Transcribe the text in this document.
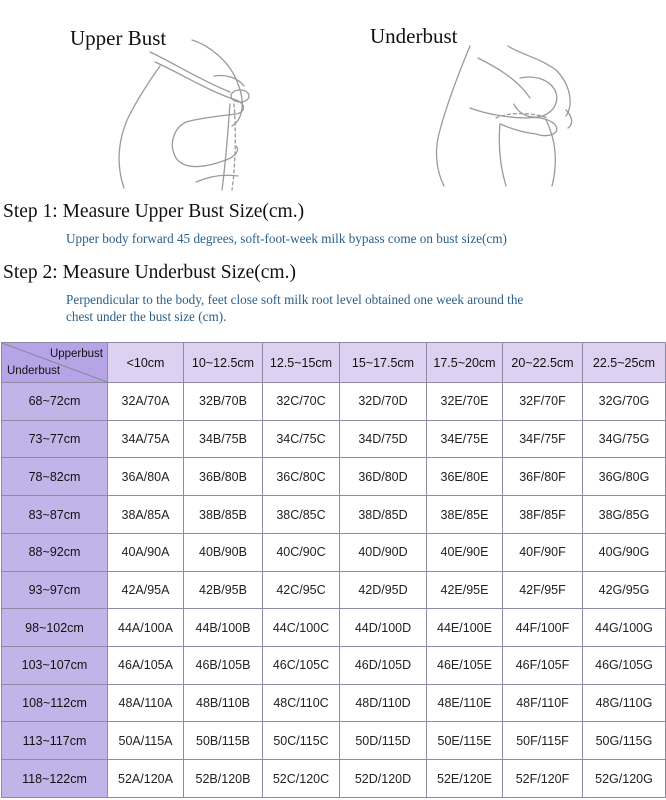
Upper Bust	Underbust
Step 1: Measure Upper Bust Size(cm.)
Upper body forward 45 degrees, soft-foot-week milk bypass come on bust size(cm)
Step 2: Measure Underbust Size(cm.)
Perpendicular to the body, feet close soft milk root level obtained one week around the
chest under the bust size (cm).
Upperbust
Underbust	<10cm	10~12.5cm	12.5~15cm	15~17.5cm	17.5~20cm	20~22.5cm	22.5~25cm
68~72cm	32A/70A	32B/70B	32C/70C	32D/70D	32E/70E	32F/70F	32G/70G
73~77cm	34A/75A	34B/75B	34C/75C	34D/75D	34E/75E	34F/75F	34G/75G
78~82cm	36A/80A	36B/80B	36C/80C	36D/80D	36E/80E	36F/80F	36G/80G
83~87cm	38A/85A	38B/85B	38C/85C	38D/85D	38E/85E	38F/85F	38G/85G
88~92cm	40A/90A	40B/90B	40C/90C	40D/90D	40E/90E	40F/90F	40G/90G
93~97cm	42A/95A	42B/95B	42C/95C	42D/95D	42E/95E	42F/95F	42G/95G
98~102cm	44A/100A	44B/100B	44C/100C	44D/100D	44E/100E	44F/100F	44G/100G
103~107cm	46A/105A	46B/105B	46C/105C	46D/105D	46E/105E	46F/105F	46G/105G
108~112cm	48A/110A	48B/110B	48C/110C	48D/110D	48E/110E	48F/110F	48G/110G
113~117cm	50A/115A	50B/115B	50C/115C	50D/115D	50E/115E	50F/115F	50G/115G
118~122cm	52A/120A	52B/120B	52C/120C	52D/120D	52E/120E	52F/120F	52G/120G
